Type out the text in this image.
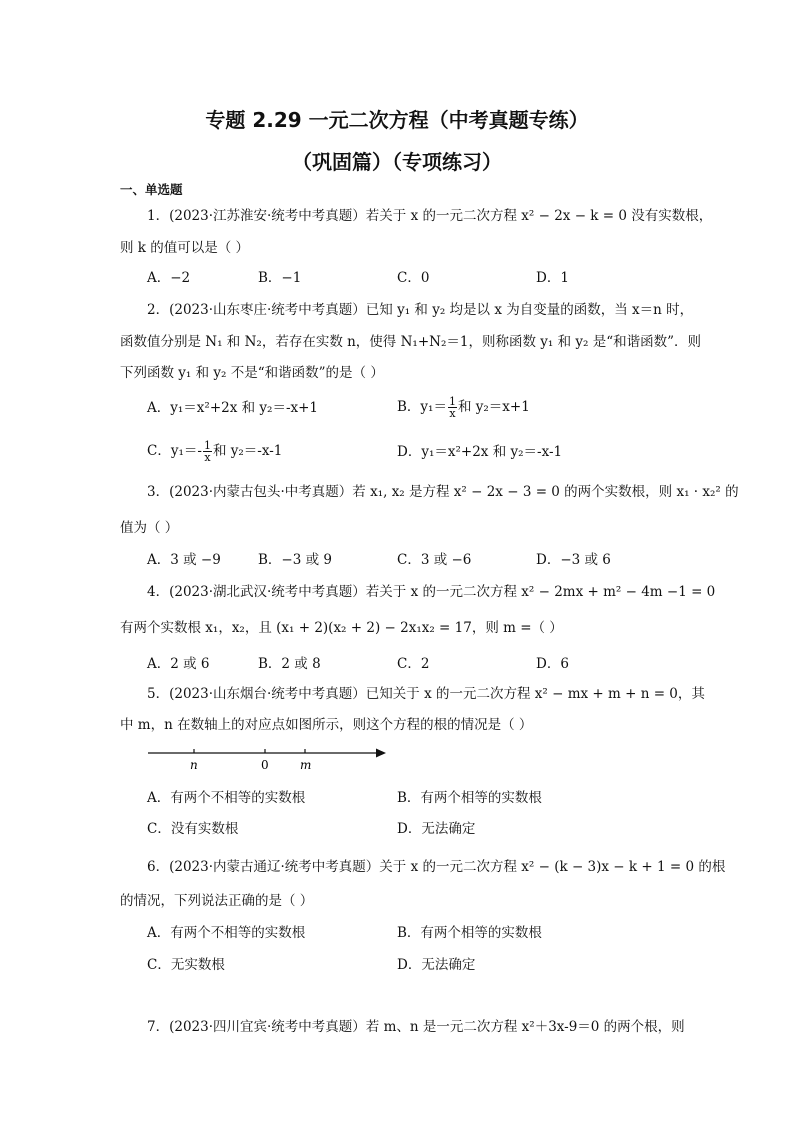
专题 2.29 一元二次方程（中考真题专练）
（巩固篇）（专项练习）
一、单选题
1．(2023·江苏淮安·统考中考真题）若关于 x 的一元二次方程 x² − 2x − k = 0 没有实数根，
则 k 的值可以是（ ）
A．−2	B．−1	C．0	D．1
2．(2023·山东枣庄·统考中考真题）已知 y₁ 和 y₂ 均是以 x 为自变量的函数，当 x＝n 时，
函数值分别是 N₁ 和 N₂，若存在实数 n，使得 N₁+N₂＝1，则称函数 y₁ 和 y₂ 是“和谐函数”．则
下列函数 y₁ 和 y₂ 不是“和谐函数”的是（ ）
A．y₁＝x²+2x 和 y₂＝-x+1	B．$y_1= \frac{1}{x}$ 和 y₂＝x+1
C．$y_1=- \frac{1}{x}$ 和 y₂＝-x-1	D．y₁＝x²+2x 和 y₂＝-x-1
3．(2023·内蒙古包头·中考真题）若 x₁, x₂ 是方程 x² − 2x − 3 = 0 的两个实数根，则 x₁ · x₂² 的
值为（ ）
A．3 或 −9	B．−3 或 9	C．3 或 −6	D．−3 或 6
4．(2023·湖北武汉·统考中考真题）若关于 x 的一元二次方程 x² − 2mx + m² − 4m −1 = 0
有两个实数根 x₁，x₂，且 (x₁ + 2)(x₂ + 2) − 2x₁x₂ = 17，则 m =（ ）
A．2 或 6	B．2 或 8	C．2	D．6
5．(2023·山东烟台·统考中考真题）已知关于 x 的一元二次方程 x² − mx + m + n = 0，其
中 m，n 在数轴上的对应点如图所示，则这个方程的根的情况是（ ）
n	0	m
A．有两个不相等的实数根	B．有两个相等的实数根
C．没有实数根	D．无法确定
6．(2023·内蒙古通辽·统考中考真题）关于 x 的一元二次方程 x² − (k − 3)x − k + 1 = 0 的根
的情况，下列说法正确的是（ ）
A．有两个不相等的实数根	B．有两个相等的实数根
C．无实数根	D．无法确定
7．(2023·四川宜宾·统考中考真题）若 m、n 是一元二次方程 x²＋3x-9＝0 的两个根，则
